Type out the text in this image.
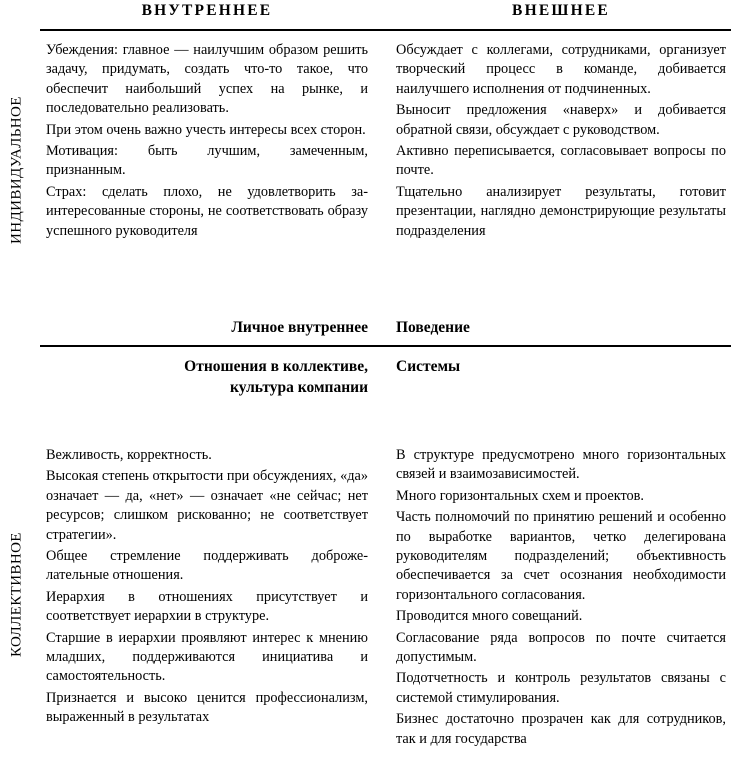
ВНУТРЕННЕЕ	ВНЕШНЕЕ
ИНДИВИДУАЛЬНОЕ

Убеждения: главное — наилучшим образом решить задачу, придумать, создать что-то такое, что обеспечит наибольший успех на рынке, и последовательно реализовать.

При этом очень важно учесть интересы всех сторон.

Мотивация: быть лучшим, замеченным, признанным.

Страх: сделать плохо, не удовлетворить заинтересованные стороны, не соответствовать образу успешного руководителя

Обсуждает с коллегами, сотрудниками, организует творческий процесс в команде, добивается наилучшего исполнения от подчиненных.

Выносит предложения «наверх» и добивается обратной связи, обсуждает с руководством.

Активно переписывается, согласовывает вопросы по почте.

Тщательно анализирует результаты, готовит презентации, наглядно демонстрирующие результаты подразделения

Личное внутреннее Поведение
Отношения в коллективе,
культура компании
Системы
КОЛЛЕКТИВНОЕ

Вежливость, корректность.

Высокая степень открытости при обсуждениях, «да» означает — да, «нет» — означает «не сейчас; нет ресурсов; слишком рискованно; не соответствует стратегии».

Общее стремление поддерживать доброжелательные отношения.

Иерархия в отношениях присутствует и соответствует иерархии в структуре.

Старшие в иерархии проявляют интерес к мнению младших, поддерживаются инициатива и самостоятельность.

Признается и высоко ценится профессионализм, выраженный в результатах

В структуре предусмотрено много горизонтальных связей и взаимозависимостей.

Много горизонтальных схем и проектов.

Часть полномочий по принятию решений и особенно по выработке вариантов, четко делегирована руководителям подразделений; объективность обеспечивается за счет осознания необходимости горизонтального согласования.

Проводится много совещаний.

Согласование ряда вопросов по почте считается допустимым.

Подотчетность и контроль результатов связаны с системой стимулирования.

Бизнес достаточно прозрачен как для сотрудников, так и для государства
